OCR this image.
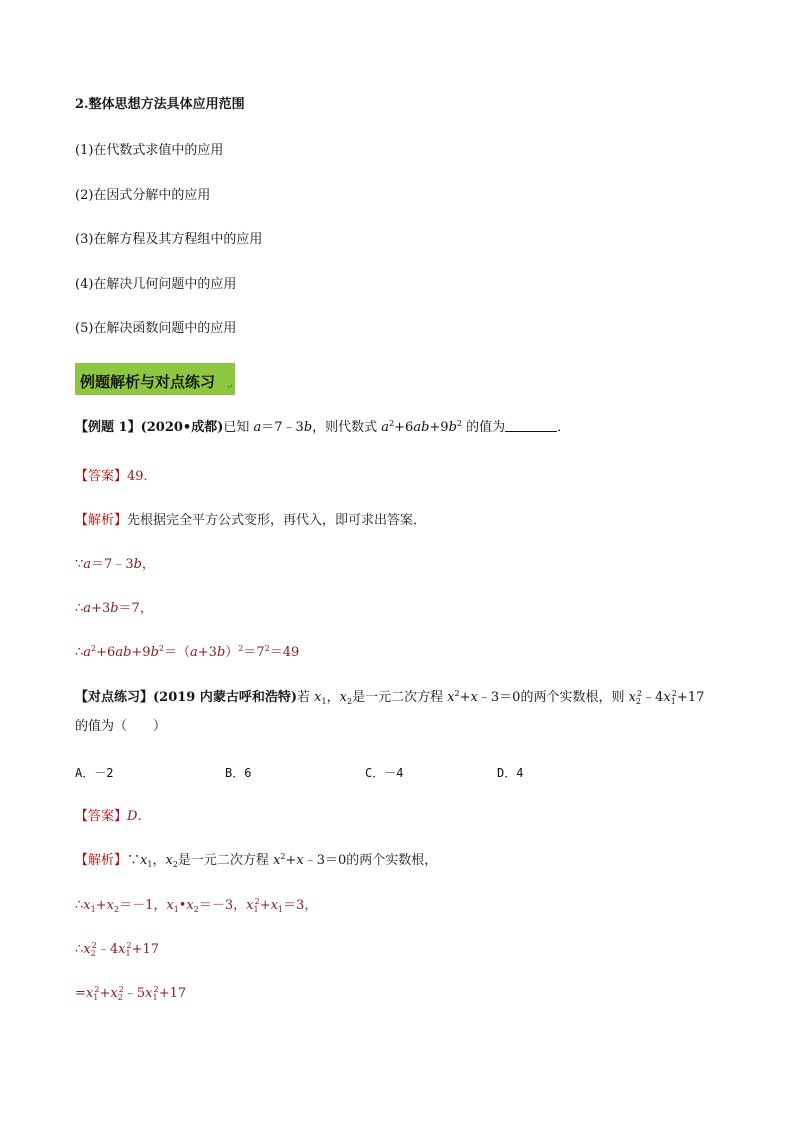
2.整体思想方法具体应用范围
(1)在代数式求值中的应用
(2)在因式分解中的应用
(3)在解方程及其方程组中的应用
(4)在解决几何问题中的应用
(5)在解决函数问题中的应用
例题解析与对点练习 ↵
【例题 1】(2020•成都)已知 a＝7﹣3b，则代数式 $a^2+6ab+9b^2$ 的值为	．
【答案】49．
【解析】先根据完全平方公式变形，再代入，即可求出答案．
∵a＝7﹣3b，
∴a+3b＝7，
$\therefore a^2+6ab+9b^2=(a+3b)^2=7^2=49$
【对点练习】(2019 内蒙古呼和浩特)若 $x_1$，$x_2$是一元二次方程 $x^2+x﹣3=0$的两个实数根，则 $x_2^2﹣4x_1^2+17$
的值为（　　）
A．－2	B．6	C．－4	D．4
【答案】D．
【解析】$\because x_1$，$x_2$是一元二次方程 $x^2+x﹣3=0$的两个实数根，
$\therefore x_1+x_2=-1$，$x_1•x_2=-3$，$x_1^2+x_1=3$，
$\therefore x_2^2﹣4x_1^2+17$
$=x_1^2+x_2^2﹣5x_1^2+17$
